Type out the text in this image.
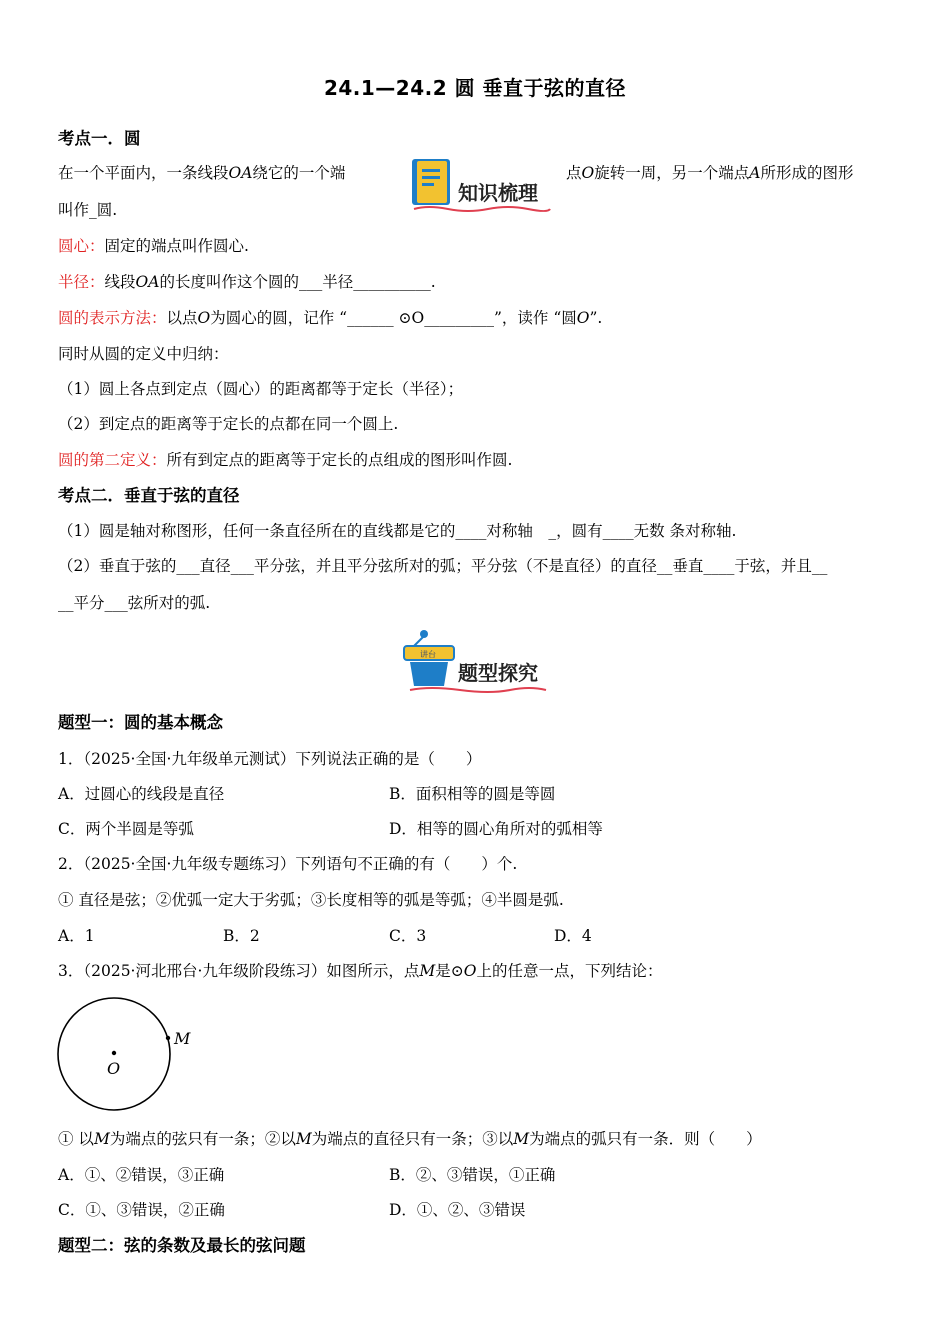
24.1—24.2 圆 垂直于弦的直径
考点一．圆
在一个平面内，一条线段OA绕它的一个端	点O旋转一周，另一个端点A所形成的图形
知识梳理
叫作_圆.
圆心：固定的端点叫作圆心.
半径：线段OA的长度叫作这个圆的___半径__________.
圆的表示方法：以点O为圆心的圆，记作 “______ ⊙O_________”，读作 “圆O”.
同时从圆的定义中归纳：
（1）圆上各点到定点（圆心）的距离都等于定长（半径）；
（2）到定点的距离等于定长的点都在同一个圆上.
圆的第二定义：所有到定点的距离等于定长的点组成的图形叫作圆.
考点二．垂直于弦的直径
（1）圆是轴对称图形，任何一条直径所在的直线都是它的____对称轴　_，圆有____无数 条对称轴.
（2）垂直于弦的___直径___平分弦，并且平分弦所对的弧；平分弦（不是直径）的直径__垂直____于弦，并且__
__平分___弦所对的弧.
讲台
题型探究
题型一：圆的基本概念
1．（2025·全国·九年级单元测试）下列说法正确的是（　　）
A．过圆心的线段是直径	B．面积相等的圆是等圆
C．两个半圆是等弧	D．相等的圆心角所对的弧相等
2．（2025·全国·九年级专题练习）下列语句不正确的有（　　）个.
① 直径是弦；②优弧一定大于劣弧；③长度相等的弧是等弧；④半圆是弧.
A．1	B．2	C．3	D．4
3．（2025·河北邢台·九年级阶段练习）如图所示，点M是⊙O上的任意一点，下列结论：
M
O
① 以M为端点的弦只有一条；②以M为端点的直径只有一条；③以M为端点的弧只有一条．则（　　）
A．①、②错误，③正确	B．②、③错误，①正确
C．①、③错误，②正确	D．①、②、③错误
题型二：弦的条数及最长的弦问题
